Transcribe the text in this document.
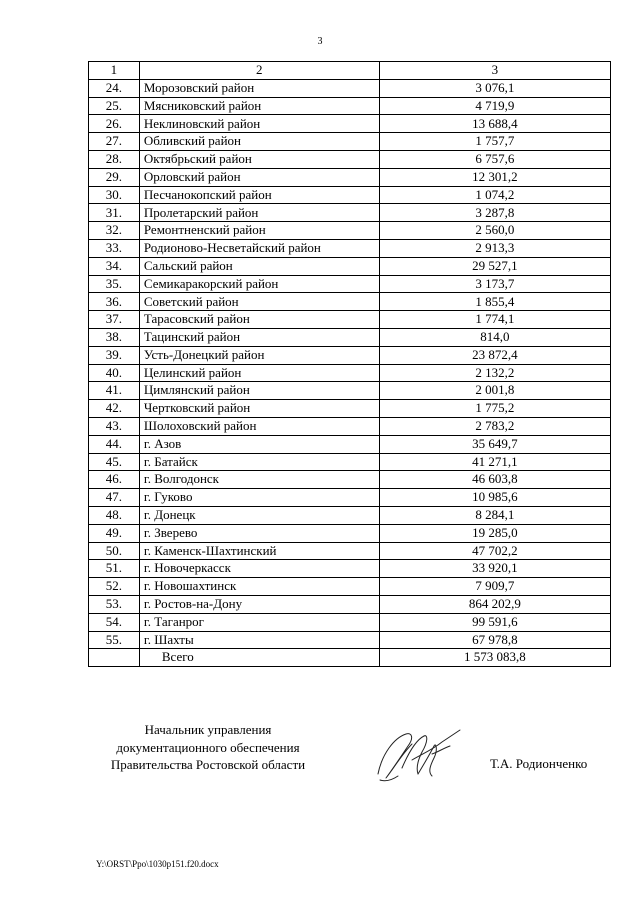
3
1	2	3
24.	Морозовский район	3 076,1
25.	Мясниковский район	4 719,9
26.	Неклиновский район	13 688,4
27.	Обливский район	1 757,7
28.	Октябрьский район	6 757,6
29.	Орловский район	12 301,2
30.	Песчанокопский район	1 074,2
31.	Пролетарский район	3 287,8
32.	Ремонтненский район	2 560,0
33.	Родионово-Несветайский район	2 913,3
34.	Сальский район	29 527,1
35.	Семикаракорский район	3 173,7
36.	Советский район	1 855,4
37.	Тарасовский район	1 774,1
38.	Тацинский район	814,0
39.	Усть-Донецкий район	23 872,4
40.	Целинский район	2 132,2
41.	Цимлянский район	2 001,8
42.	Чертковский район	1 775,2
43.	Шолоховский район	2 783,2
44.	г. Азов	35 649,7
45.	г. Батайск	41 271,1
46.	г. Волгодонск	46 603,8
47.	г. Гуково	10 985,6
48.	г. Донецк	8 284,1
49.	г. Зверево	19 285,0
50.	г. Каменск-Шахтинский	47 702,2
51.	г. Новочеркасск	33 920,1
52.	г. Новошахтинск	7 909,7
53.	г. Ростов-на-Дону	864 202,9
54.	г. Таганрог	99 591,6
55.	г. Шахты	67 978,8
	Всего	1 573 083,8
Начальник управления
документационного обеспечения
Правительства Ростовской области	Т.А. Родионченко
Y:\ORST\Ppo\1030p151.f20.docx
